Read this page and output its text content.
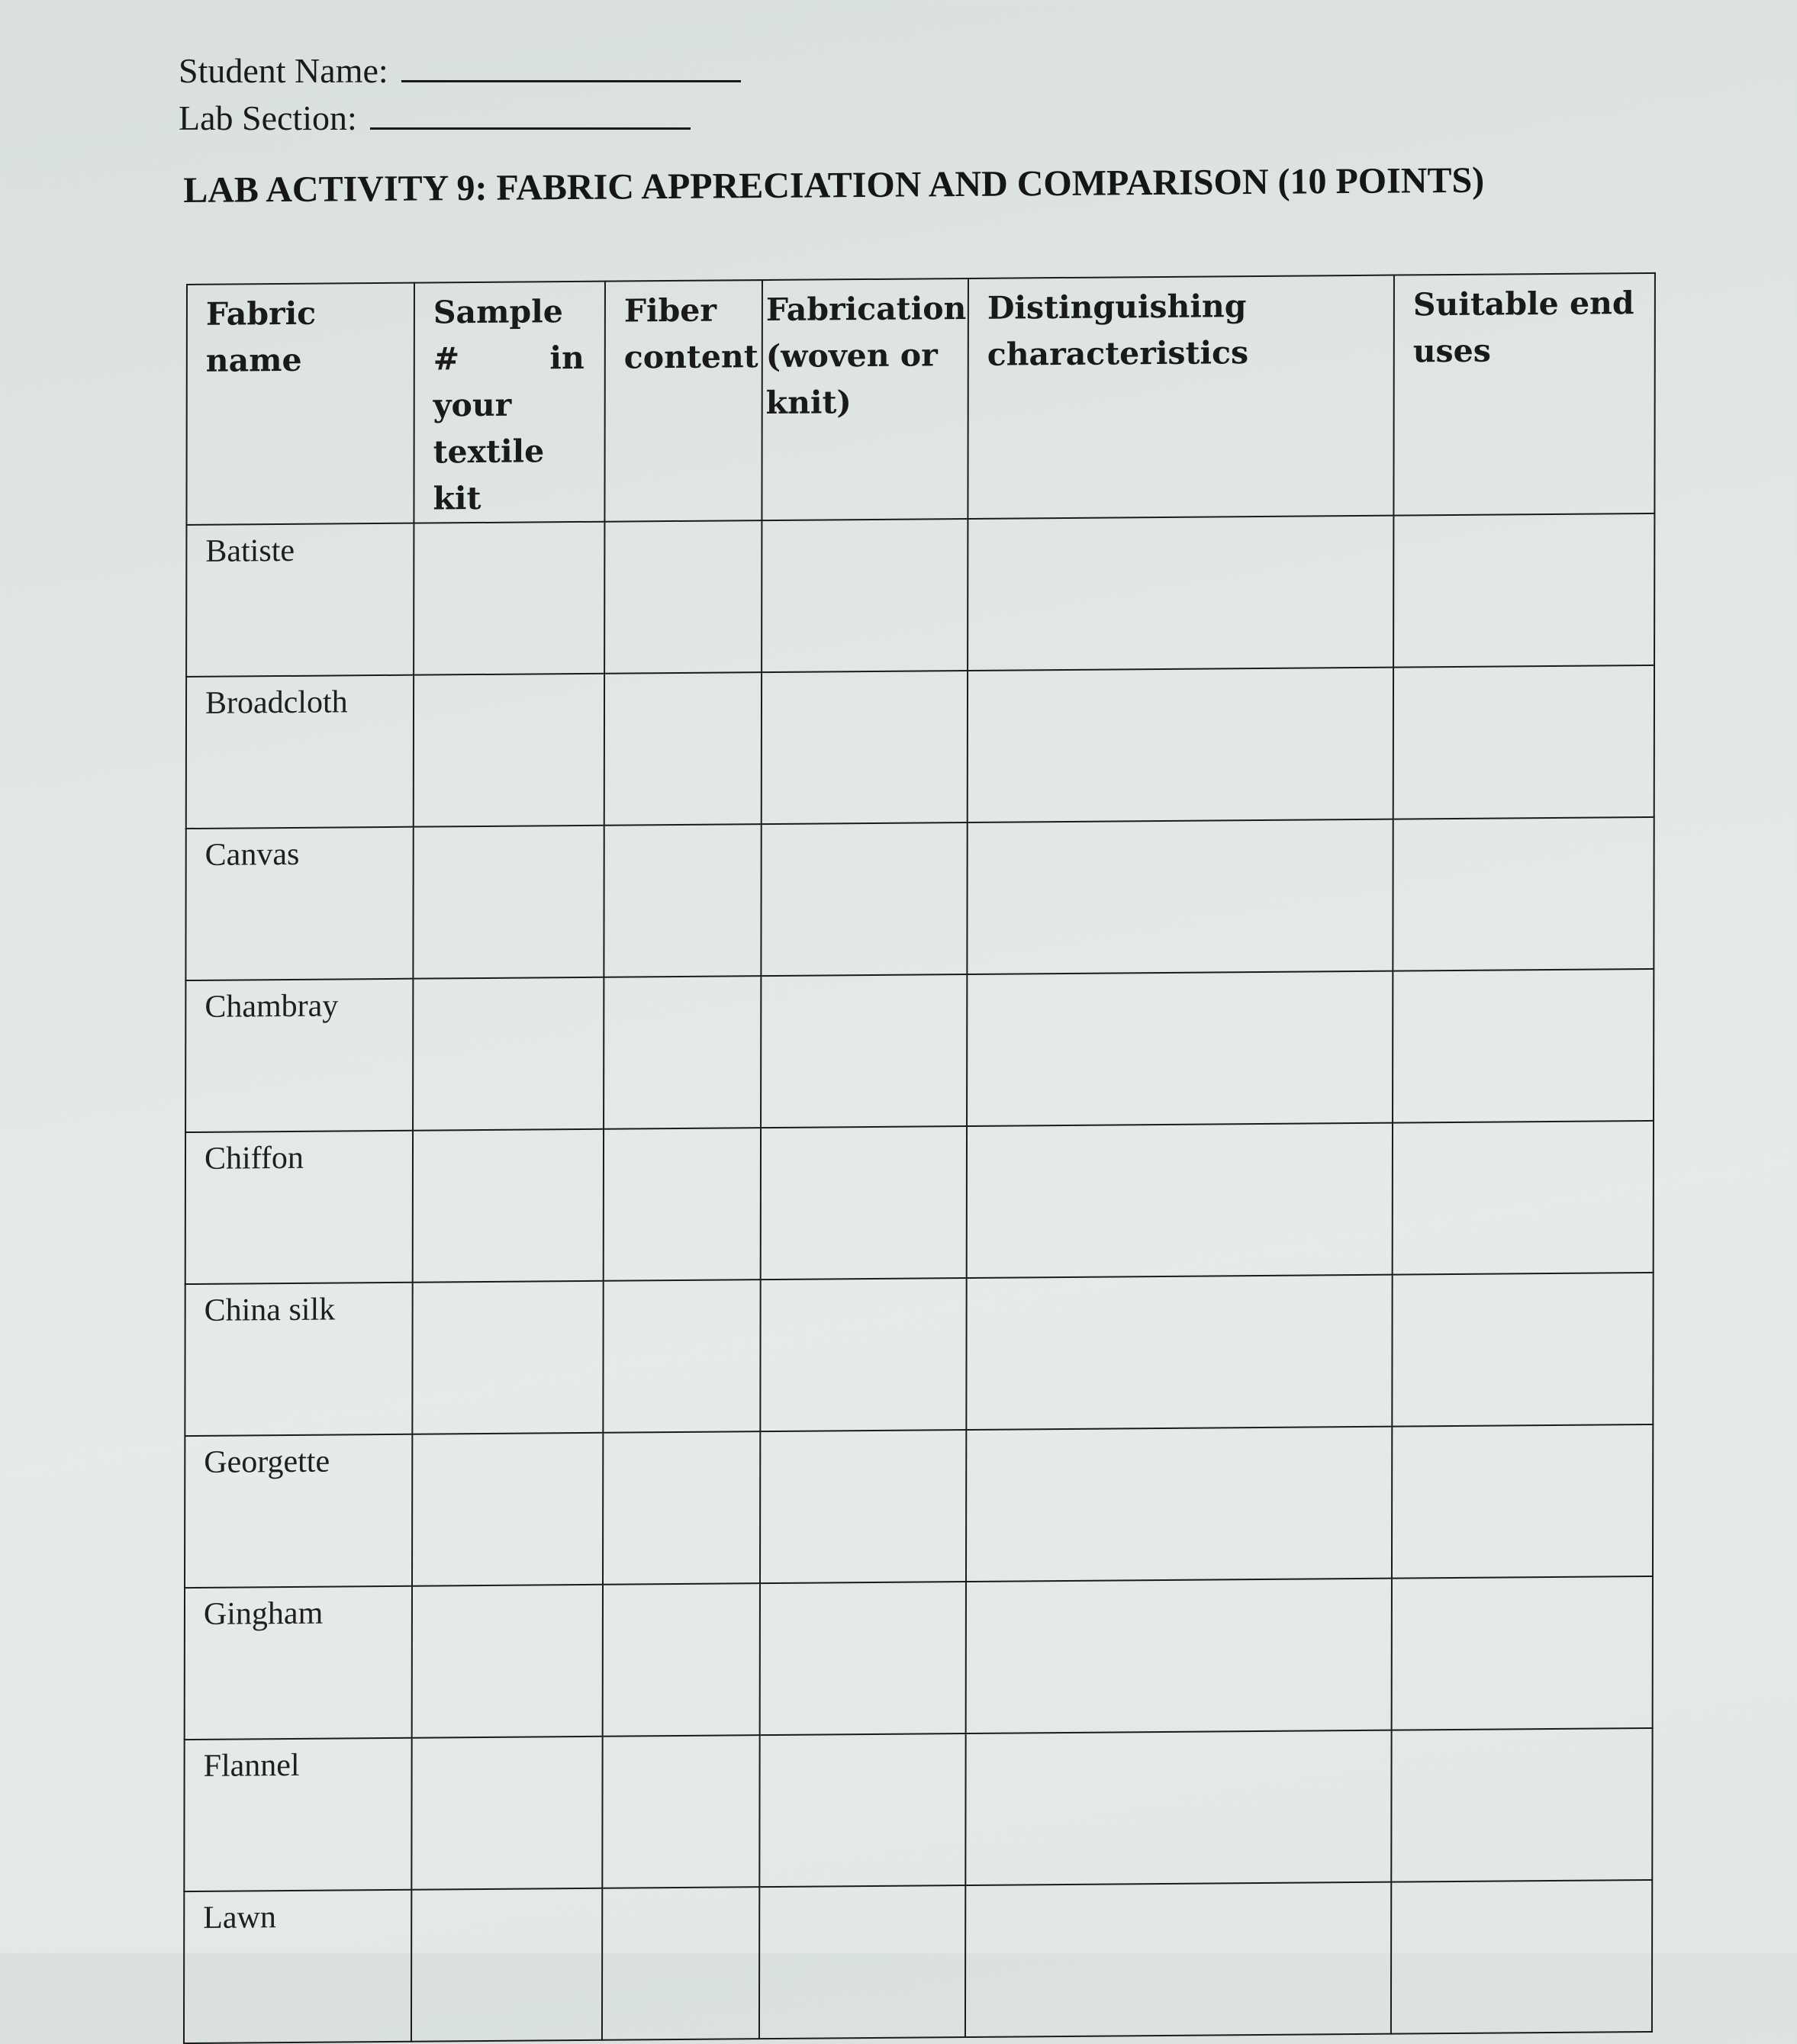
Student Name:
Lab Section:
LAB ACTIVITY 9: FABRIC APPRECIATION AND COMPARISON (10 POINTS)
Fabric name	Sample # in your textile kit	Fiber content	Fabrication (woven or knit)	Distinguishing characteristics	Suitable end uses
Batiste					
Broadcloth					
Canvas					
Chambray					
Chiffon					
China silk					
Georgette					
Gingham					
Flannel					
Lawn					
